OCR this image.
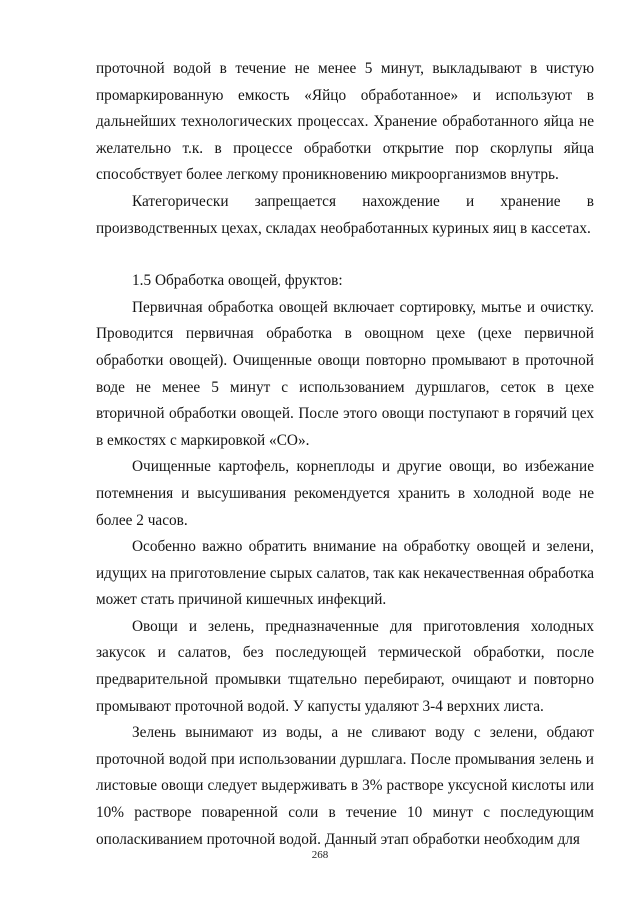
проточной водой в течение не менее 5 минут, выкладывают в чистую промаркированную емкость «Яйцо обработанное» и используют в дальнейших технологических процессах. Хранение обработанного яйца не желательно т.к. в процессе обработки открытие пор скорлупы яйца способствует более легкому проникновению микроорганизмов внутрь.

Категорически запрещается нахождение и хранение в производственных цехах, складах необработанных куриных яиц в кассетах.

1.5 Обработка овощей, фруктов:

Первичная обработка овощей включает сортировку, мытье и очистку. Проводится первичная обработка в овощном цехе (цехе первичной обработки овощей). Очищенные овощи повторно промывают в проточной воде не менее 5 минут с использованием дуршлагов, сеток в цехе вторичной обработки овощей. После этого овощи поступают в горячий цех в емкостях с маркировкой «СО».

Очищенные картофель, корнеплоды и другие овощи, во избежание потемнения и высушивания рекомендуется хранить в холодной воде не более 2 часов.

Особенно важно обратить внимание на обработку овощей и зелени, идущих на приготовление сырых салатов, так как некачественная обработка может стать причиной кишечных инфекций.

Овощи и зелень, предназначенные для приготовления холодных закусок и салатов, без последующей термической обработки, после предварительной промывки тщательно перебирают, очищают и повторно промывают проточной водой. У капусты удаляют 3-4 верхних листа.

Зелень вынимают из воды, а не сливают воду с зелени, обдают проточной водой при использовании дуршлага. После промывания зелень и листовые овощи следует выдерживать в 3% растворе уксусной кислоты или 10% растворе поваренной соли в течение 10 минут с последующим ополаскиванием проточной водой. Данный этап обработки необходим для

268
